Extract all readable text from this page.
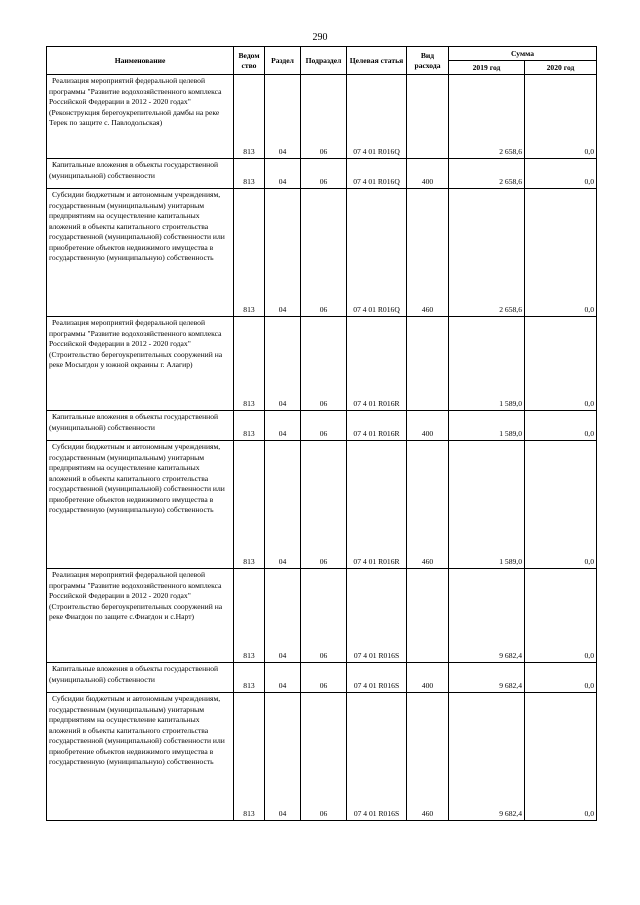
290
Наименование	Ведом ство	Раздел	Подраздел	Целевая статья	Вид расхода	Сумма	
						2019 год	2020 год

Реализация мероприятий федеральной целевой программы "Развитие водохозяйственного комплекса Российской Федерации в 2012 - 2020 годах" (Реконструкция берегоукрепительной дамбы на реке Терек по защите с. Павлодольская)	813	04	06	07 4 01 R016Q		2 658,6	0,0

Капитальные вложения в объекты государственной (муниципальной) собственности	813	04	06	07 4 01 R016Q	400	2 658,6	0,0

Субсидии бюджетным и автономным учреждениям, государственным (муниципальным) унитарным предприятиям на осуществление капитальных вложений в объекты капитального строительства государственной (муниципальной) собственности или приобретение объектов недвижимого имущества в государственную (муниципальную) собственность	813	04	06	07 4 01 R016Q	460	2 658,6	0,0

Реализация мероприятий федеральной целевой программы "Развитие водохозяйственного комплекса Российской Федерации в 2012 - 2020 годах" (Строительство берегоукрепительных сооружений на реке Мосыгдон у южной окраины г. Алагир)	813	04	06	07 4 01 R016R		1 589,0	0,0

Капитальные вложения в объекты государственной (муниципальной) собственности	813	04	06	07 4 01 R016R	400	1 589,0	0,0

Субсидии бюджетным и автономным учреждениям, государственным (муниципальным) унитарным предприятиям на осуществление капитальных вложений в объекты капитального строительства государственной (муниципальной) собственности или приобретение объектов недвижимого имущества в государственную (муниципальную) собственность	813	04	06	07 4 01 R016R	460	1 589,0	0,0

Реализация мероприятий федеральной целевой программы "Развитие водохозяйственного комплекса Российской Федерации в 2012 - 2020 годах" (Строительство берегоукрепительных сооружений на реке Фиагдон по защите с.Фиагдон и с.Нарт)	813	04	06	07 4 01 R016S		9 682,4	0,0

Капитальные вложения в объекты государственной (муниципальной) собственности	813	04	06	07 4 01 R016S	400	9 682,4	0,0

Субсидии бюджетным и автономным учреждениям, государственным (муниципальным) унитарным предприятиям на осуществление капитальных вложений в объекты капитального строительства государственной (муниципальной) собственности или приобретение объектов недвижимого имущества в государственную (муниципальную) собственность	813	04	06	07 4 01 R016S	460	9 682,4	0,0
